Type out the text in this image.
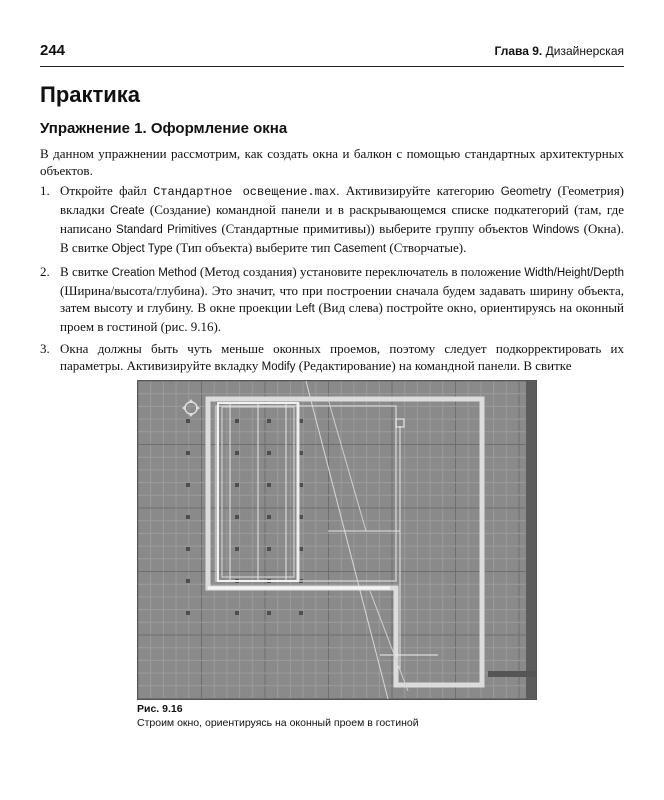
244	Глава 9. Дизайнерская
Практика
Упражнение 1. Оформление окна

В данном упражнении рассмотрим, как создать окна и балкон с помощью стандартных архитектурных объектов.

1. Откройте файл Стандартное освещение.max. Активизируйте категорию Geometry (Геометрия) вкладки Create (Создание) командной панели и в раскрывающемся списке подкатегорий (там, где написано Standard Primitives (Стандартные примитивы)) выберите группу объектов Windows (Окна). В свитке Object Type (Тип объекта) выберите тип Casement (Створчатые).
2. В свитке Creation Method (Метод создания) установите переключатель в положение Width/Height/Depth (Ширина/высота/глубина). Это значит, что при построении сначала будем задавать ширину объекта, затем высоту и глубину. В окне проекции Left (Вид слева) постройте окно, ориентируясь на оконный проем в гостиной (рис. 9.16).
3. Окна должны быть чуть меньше оконных проемов, поэтому следует подкорректировать их параметры. Активизируйте вкладку Modify (Редактирование) на командной панели. В свитке
Рис. 9.16
Строим окно, ориентируясь на оконный проем в гостиной
